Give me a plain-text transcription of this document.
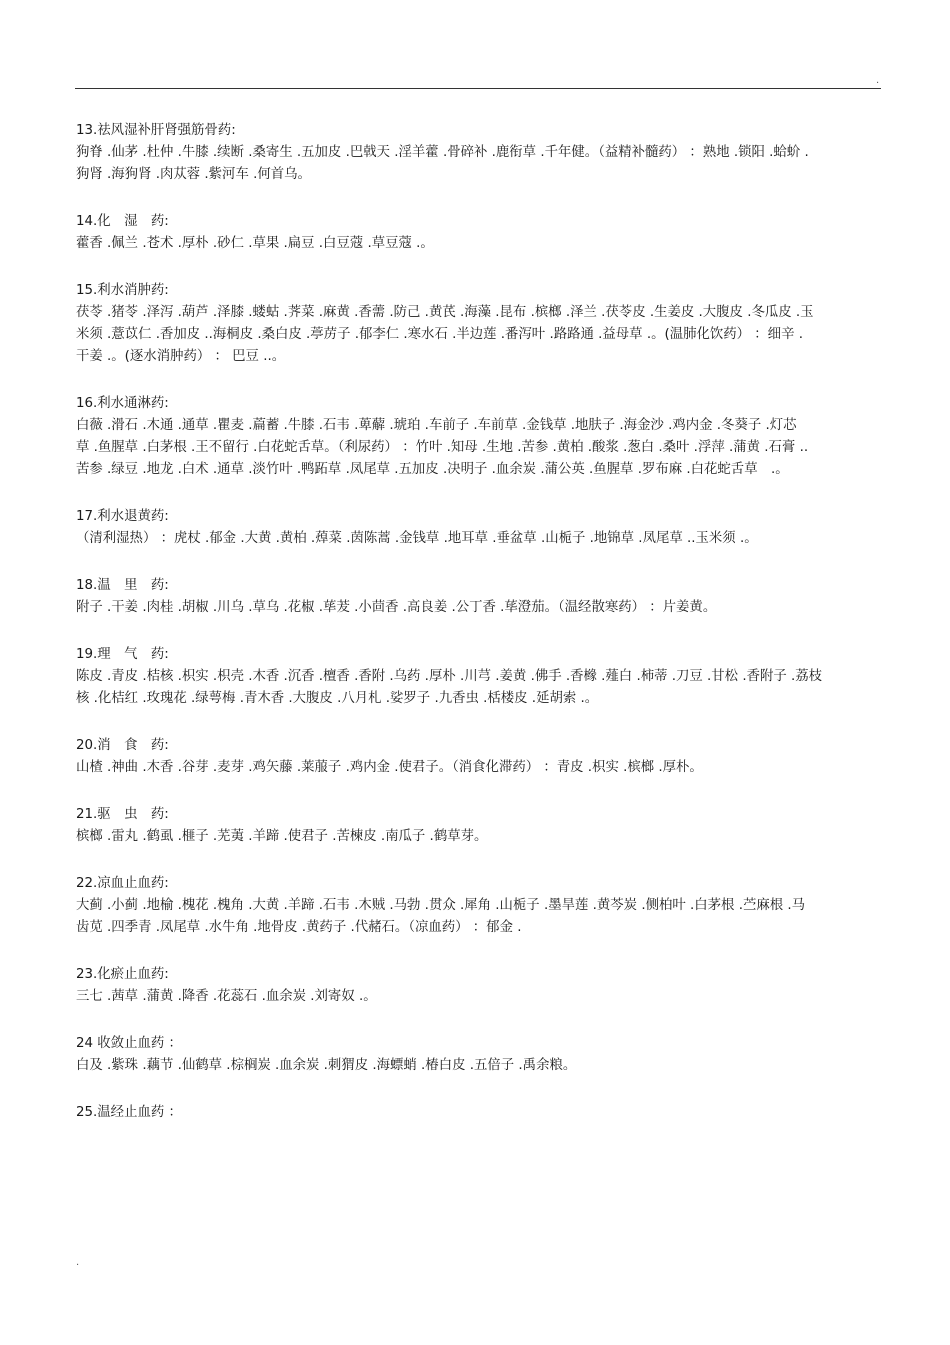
.

13.祛风湿补肝肾强筋骨药:

狗脊 .仙茅 .杜仲 .牛膝 .续断 .桑寄生 .五加皮 .巴戟天 .淫羊藿 .骨碎补 .鹿衔草 .千年健。（益精补髓药） ：熟地 .锁阳 .蛤蚧 .
狗肾 .海狗肾 .肉苁蓉 .紫河车 .何首乌。

14.化　湿　药:

藿香 .佩兰 .苍术 .厚朴 .砂仁 .草果 .扁豆 .白豆蔻 .草豆蔻 .。

15.利水消肿药:

茯苓 .猪苓 .泽泻 .葫芦 .泽膝 .蝼蛄 .荠菜 .麻黄 .香薷 .防己 .黄芪 .海藻 .昆布 .槟榔 .泽兰 .茯苓皮 .生姜皮 .大腹皮 .冬瓜皮 .玉
米须 .薏苡仁 .香加皮 ..海桐皮 .桑白皮 .葶苈子 .郁李仁 .寒水石 .半边莲 .番泻叶 .路路通 .益母草 .。(温肺化饮药） ：细辛 .
干姜 .。(逐水消肿药） ： 巴豆 ..。

16.利水通淋药:

白薇 .滑石 .木通 .通草 .瞿麦 .萹蓄 .牛膝 .石韦 .萆薢 .琥珀 .车前子 .车前草 .金钱草 .地肤子 .海金沙 .鸡内金 .冬葵子 .灯芯
草 .鱼腥草 .白茅根 .王不留行 .白花蛇舌草。（利尿药） ：竹叶 .知母 .生地 .苦参 .黄柏 .酸浆 .葱白 .桑叶 .浮萍 .蒲黄 .石膏 ..
苦参 .绿豆 .地龙 .白术 .通草 .淡竹叶 .鸭跖草 .凤尾草 .五加皮 .决明子 .血余炭 .蒲公英 .鱼腥草 .罗布麻 .白花蛇舌草　.。

17.利水退黄药:

（清利湿热） ：虎杖 .郁金 .大黄 .黄柏 .蔊菜 .茵陈蒿 .金钱草 .地耳草 .垂盆草 .山栀子 .地锦草 .凤尾草 ..玉米须 .。

18.温　里　药:

附子 .干姜 .肉桂 .胡椒 .川乌 .草乌 .花椒 .荜茇 .小茴香 .高良姜 .公丁香 .荜澄茄。（温经散寒药） ：片姜黄。

19.理　气　药:

陈皮 .青皮 .桔核 .枳实 .枳壳 .木香 .沉香 .檀香 .香附 .乌药 .厚朴 .川芎 .姜黄 .佛手 .香橼 .薤白 .柿蒂 .刀豆 .甘松 .香附子 .荔枝
核 .化桔红 .玫瑰花 .绿萼梅 .青木香 .大腹皮 .八月札 .娑罗子 .九香虫 .栝楼皮 .延胡索 .。

20.消　食　药:

山楂 .神曲 .木香 .谷芽 .麦芽 .鸡矢藤 .莱菔子 .鸡内金 .使君子。（消食化滞药） ：青皮 .枳实 .槟榔 .厚朴。

21.驱　虫　药:

槟榔 .雷丸 .鹤虱 .榧子 .芜荑 .羊蹄 .使君子 .苦楝皮 .南瓜子 .鹤草芽。

22.凉血止血药:

大蓟 .小蓟 .地榆 .槐花 .槐角 .大黄 .羊蹄 .石韦 .木贼 .马勃 .贯众 .犀角 .山栀子 .墨旱莲 .黄芩炭 .侧柏叶 .白茅根 .苎麻根 .马
齿苋 .四季青 .凤尾草 .水牛角 .地骨皮 .黄药子 .代赭石。（凉血药） ：郁金 .

23.化瘀止血药:

三七 .茜草 .蒲黄 .降香 .花蕊石 .血余炭 .刘寄奴 .。

24 收敛止血药 ：

白及 .紫珠 .藕节 .仙鹤草 .棕榈炭 .血余炭 .刺猬皮 .海螵蛸 .椿白皮 .五倍子 .禹余粮。

25.温经止血药 ：

.
